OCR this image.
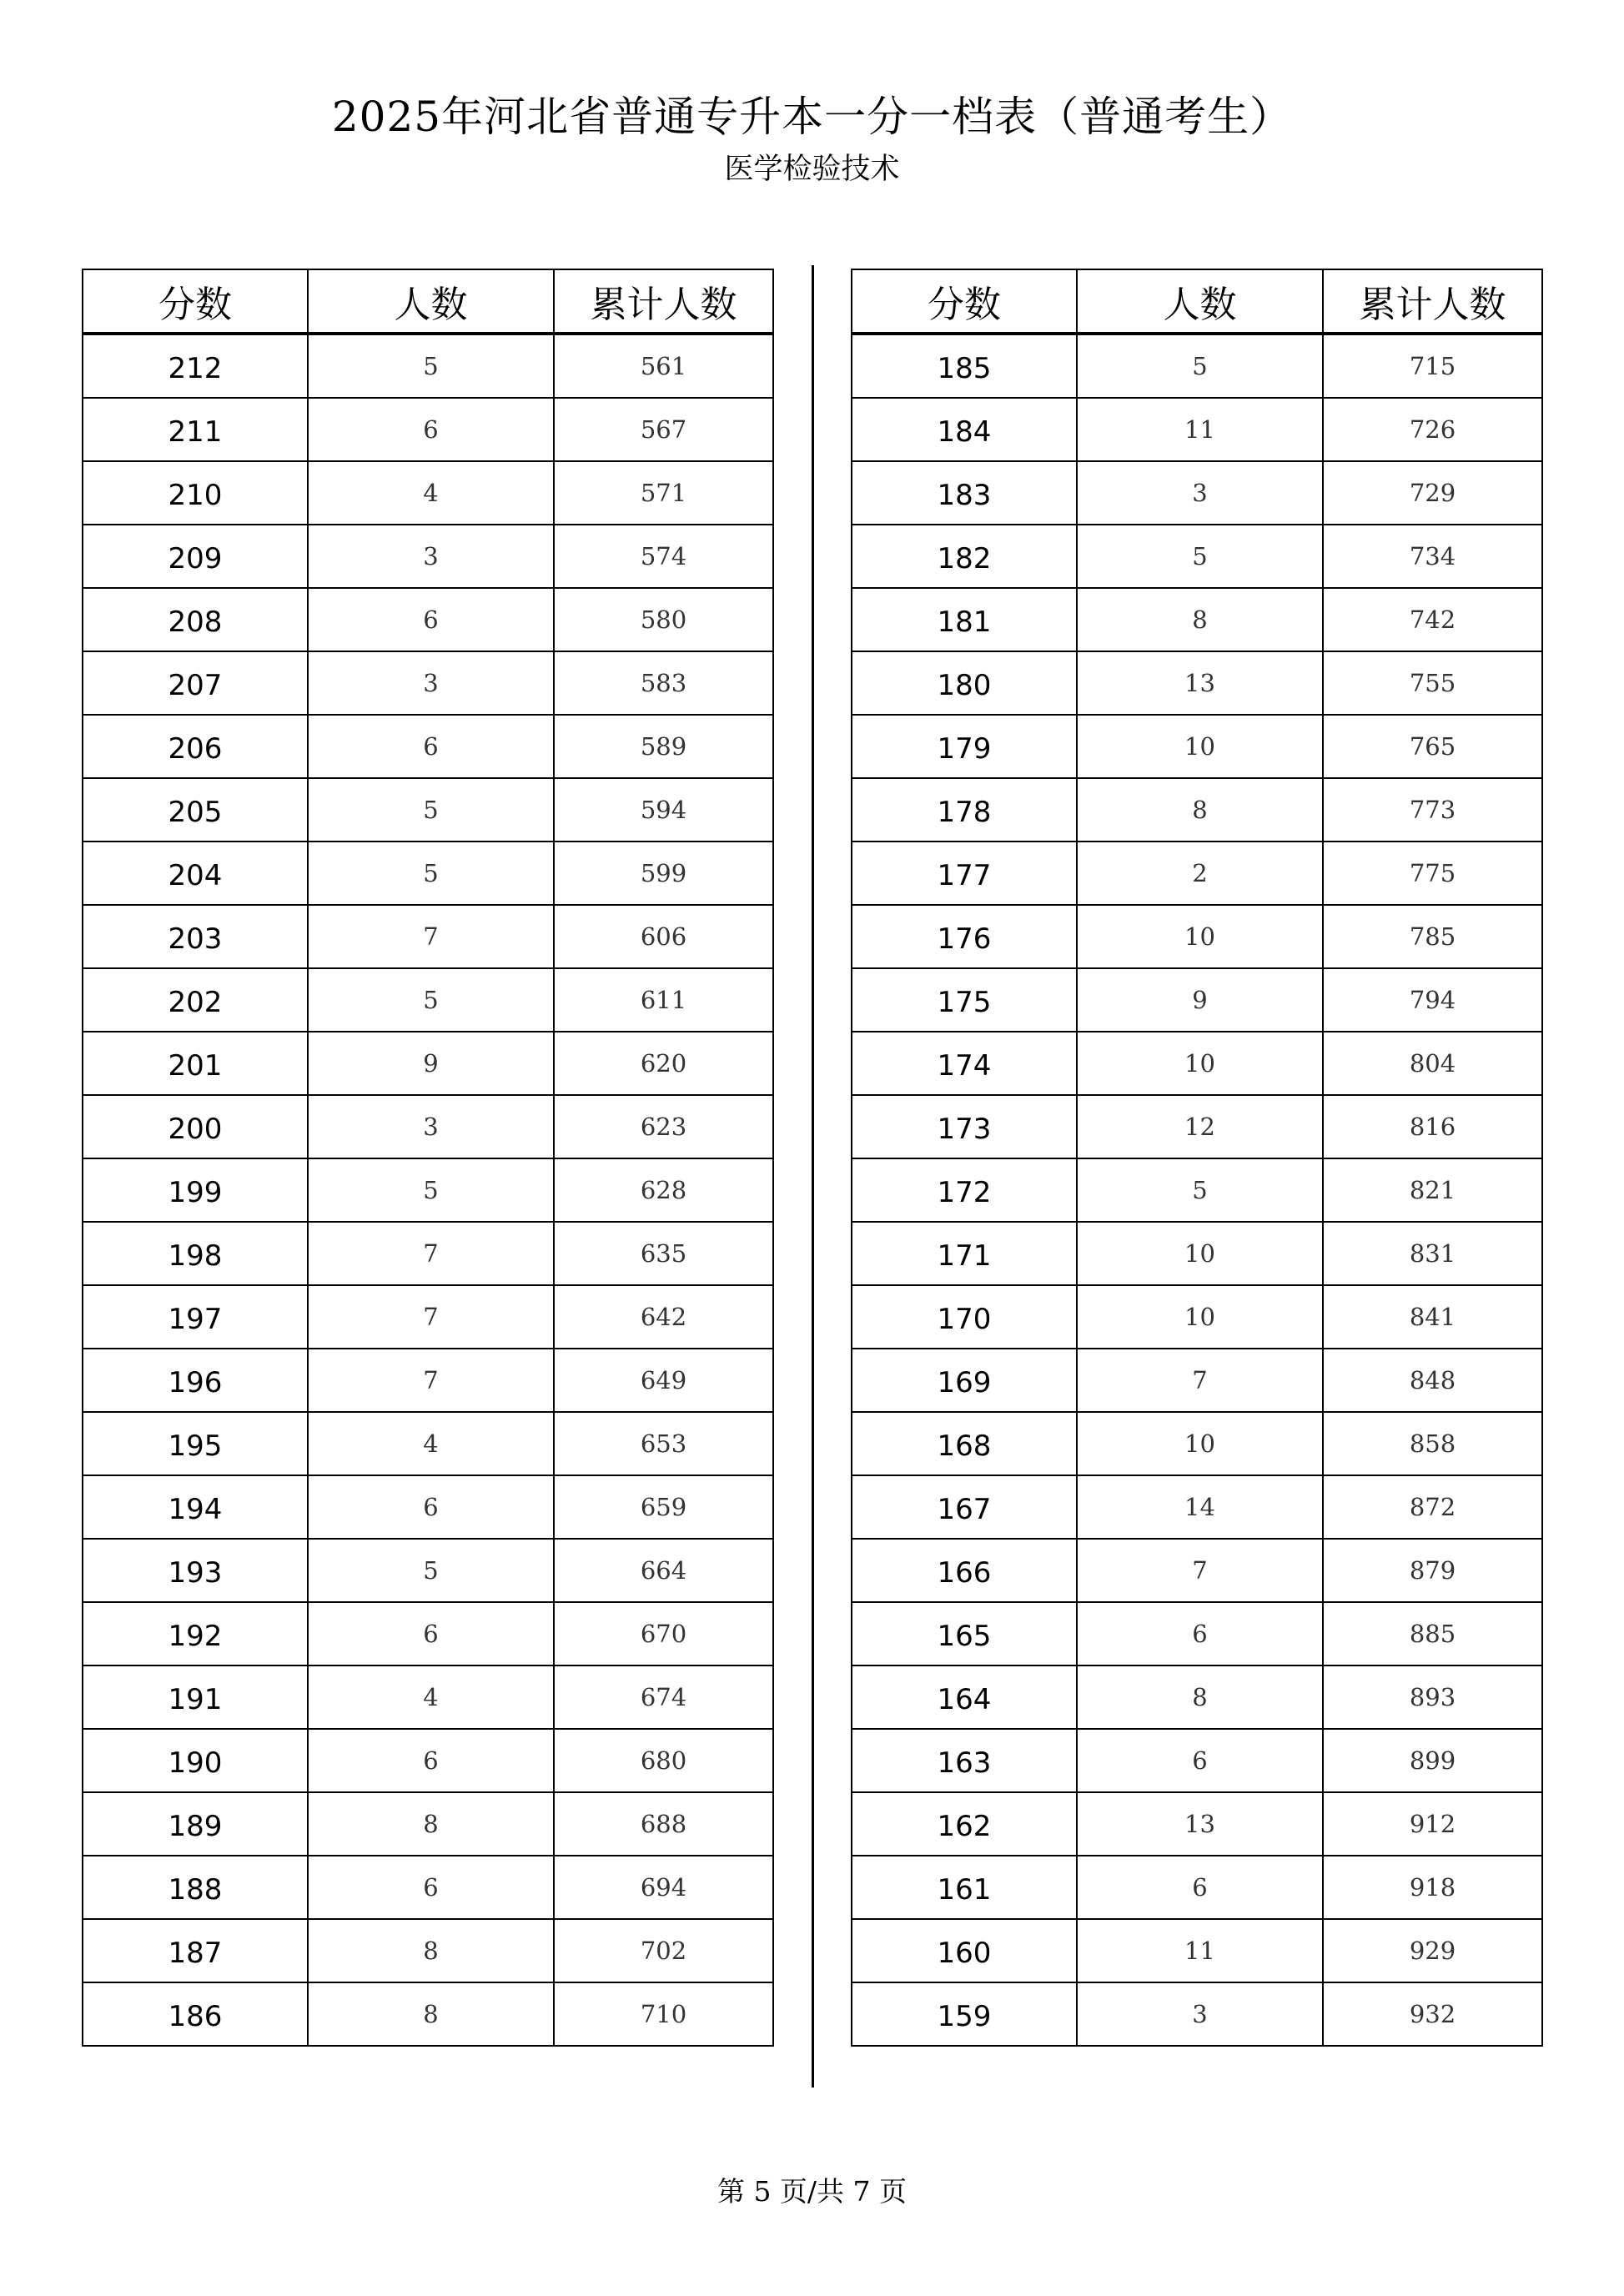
2025年河北省普通专升本一分一档表（普通考生）
医学检验技术
分数	人数	累计人数
212	5	561
211	6	567
210	4	571
209	3	574
208	6	580
207	3	583
206	6	589
205	5	594
204	5	599
203	7	606
202	5	611
201	9	620
200	3	623
199	5	628
198	7	635
197	7	642
196	7	649
195	4	653
194	6	659
193	5	664
192	6	670
191	4	674
190	6	680
189	8	688
188	6	694
187	8	702
186	8	710
分数	人数	累计人数
185	5	715
184	11	726
183	3	729
182	5	734
181	8	742
180	13	755
179	10	765
178	8	773
177	2	775
176	10	785
175	9	794
174	10	804
173	12	816
172	5	821
171	10	831
170	10	841
169	7	848
168	10	858
167	14	872
166	7	879
165	6	885
164	8	893
163	6	899
162	13	912
161	6	918
160	11	929
159	3	932
第 5 页/共 7 页
